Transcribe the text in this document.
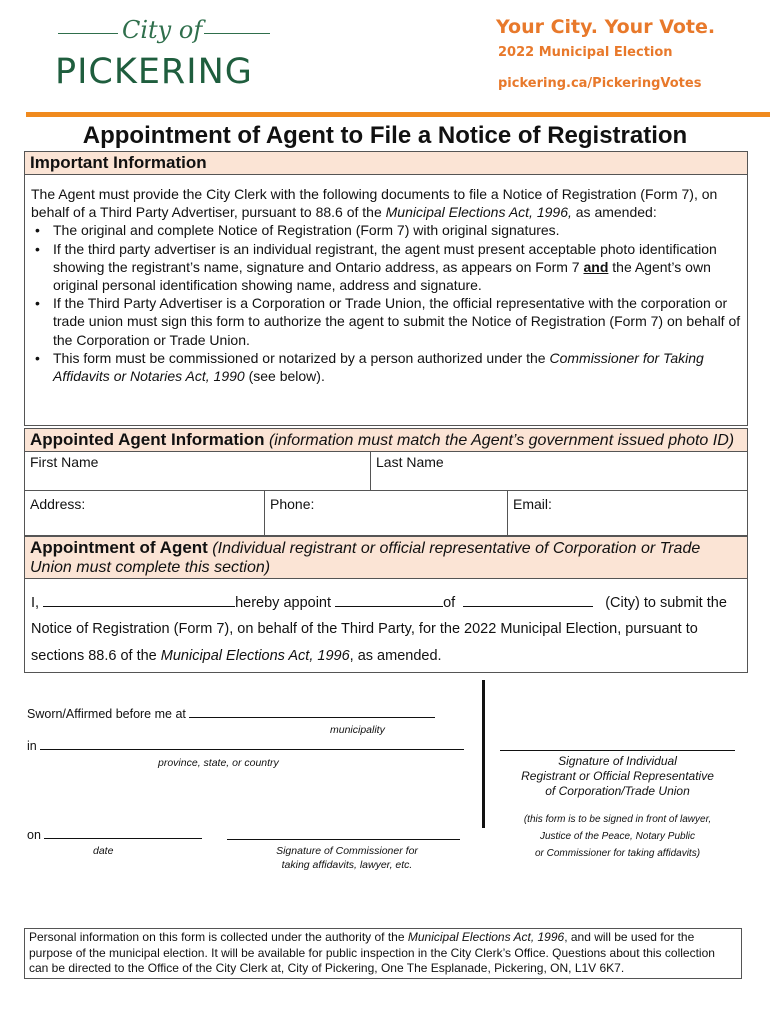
City of
PICKERING
Your City. Your Vote.
2022 Municipal Election
pickering.ca/PickeringVotes
Appointment of Agent to File a Notice of Registration
Important Information

The Agent must provide the City Clerk with the following documents to file a Notice of Registration (Form 7), on behalf of a Third Party Advertiser, pursuant to 88.6 of the Municipal Elections Act, 1996, as amended:

• The original and complete Notice of Registration (Form 7) with original signatures.
• If the third party advertiser is an individual registrant, the agent must present acceptable photo identification showing the registrant’s name, signature and Ontario address, as appears on Form 7 and the Agent’s own original personal identification showing name, address and signature.
• If the Third Party Advertiser is a Corporation or Trade Union, the official representative with the corporation or trade union must sign this form to authorize the agent to submit the Notice of Registration (Form 7) on behalf of the Corporation or Trade Union.
• This form must be commissioned or notarized by a person authorized under the Commissioner for Taking Affidavits or Notaries Act, 1990 (see below).
Appointed Agent Information (information must match the Agent’s government issued photo ID)
First Name	Last Name
Address:	Phone:	Email:
Appointment of Agent (Individual registrant or official representative of Corporation or Trade Union must complete this section)
I,	hereby appoint	of	(City) to submit the
Notice of Registration (Form 7), on behalf of the Third Party, for the 2022 Municipal Election, pursuant to
sections 88.6 of the Municipal Elections Act, 1996, as amended.
Sworn/Affirmed before me at
municipality
in
province, state, or country	Signature of Individual
Registrant or Official Representative
of Corporation/Trade Union
(this form is to be signed in front of lawyer,
Justice of the Peace, Notary Public
or Commissioner for taking affidavits)
on
date	Signature of Commissioner for
taking affidavits, lawyer, etc.
Personal information on this form is collected under the authority of the Municipal Elections Act, 1996, and will be used for the purpose of the municipal election. It will be available for public inspection in the City Clerk’s Office. Questions about this collection can be directed to the Office of the City Clerk at, City of Pickering, One The Esplanade, Pickering, ON, L1V 6K7.
